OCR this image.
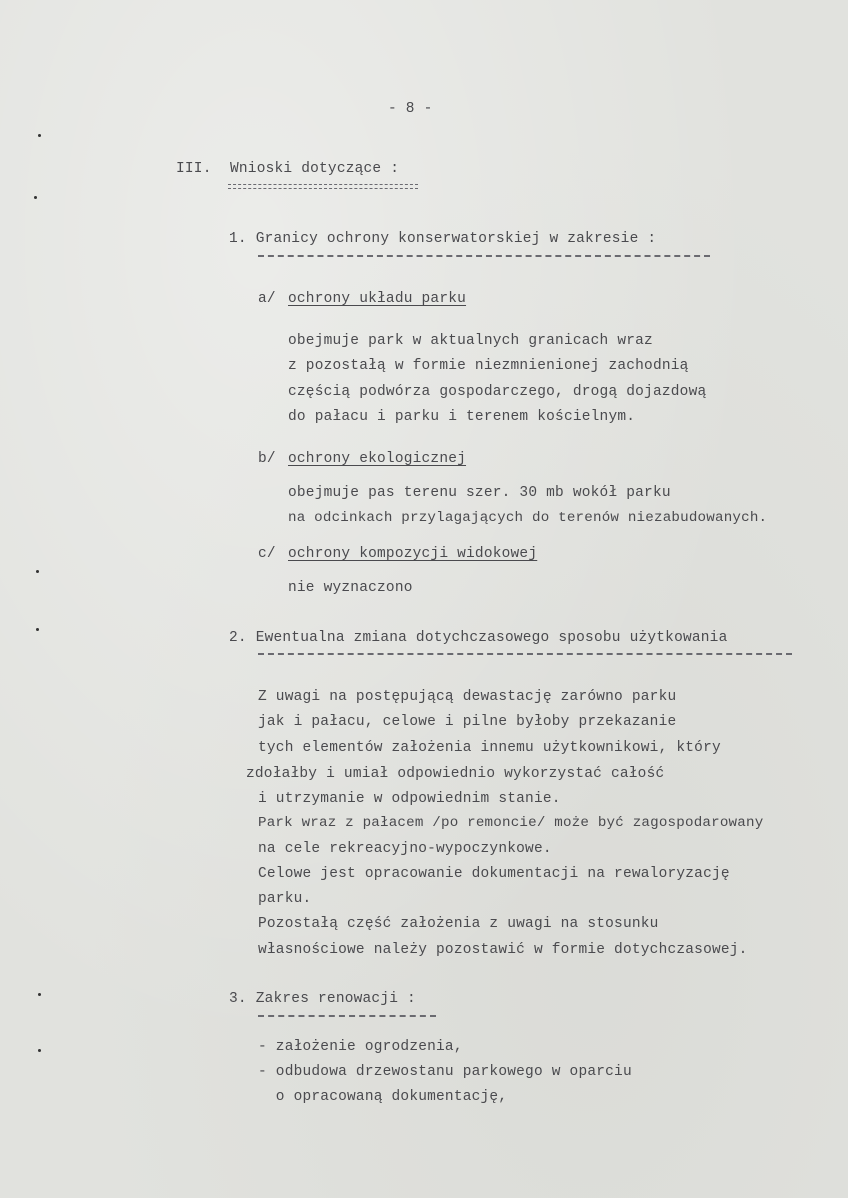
- 8 -
III. Wnioski dotyczące :
1. Granicy ochrony konserwatorskiej w zakresie :
a/ ochrony układu parku
obejmuje park w aktualnych granicach wraz
z pozostałą w formie niezmnienionej zachodnią
częścią podwórza gospodarczego, drogą dojazdową
do pałacu i parku i terenem kościelnym.
b/ ochrony ekologicznej
obejmuje pas terenu szer. 30 mb wokół parku
na odcinkach przylagających do terenów niezabudowanych.
c/ ochrony kompozycji widokowej
nie wyznaczono
2. Ewentualna zmiana dotychczasowego sposobu użytkowania
Z uwagi na postępującą dewastację zarówno parku
jak i pałacu, celowe i pilne byłoby przekazanie
tych elementów założenia innemu użytkownikowi, który
zdołałby i umiał odpowiednio wykorzystać całość
i utrzymanie w odpowiednim stanie.
Park wraz z pałacem /po remoncie/ może być zagospodarowany
na cele rekreacyjno-wypoczynkowe.
Celowe jest opracowanie dokumentacji na rewaloryzację
parku.
Pozostałą część założenia z uwagi na stosunku
własnościowe należy pozostawić w formie dotychczasowej.
3. Zakres renowacji :
- założenie ogrodzenia,
- odbudowa drzewostanu parkowego w oparciu
o opracowaną dokumentację,
